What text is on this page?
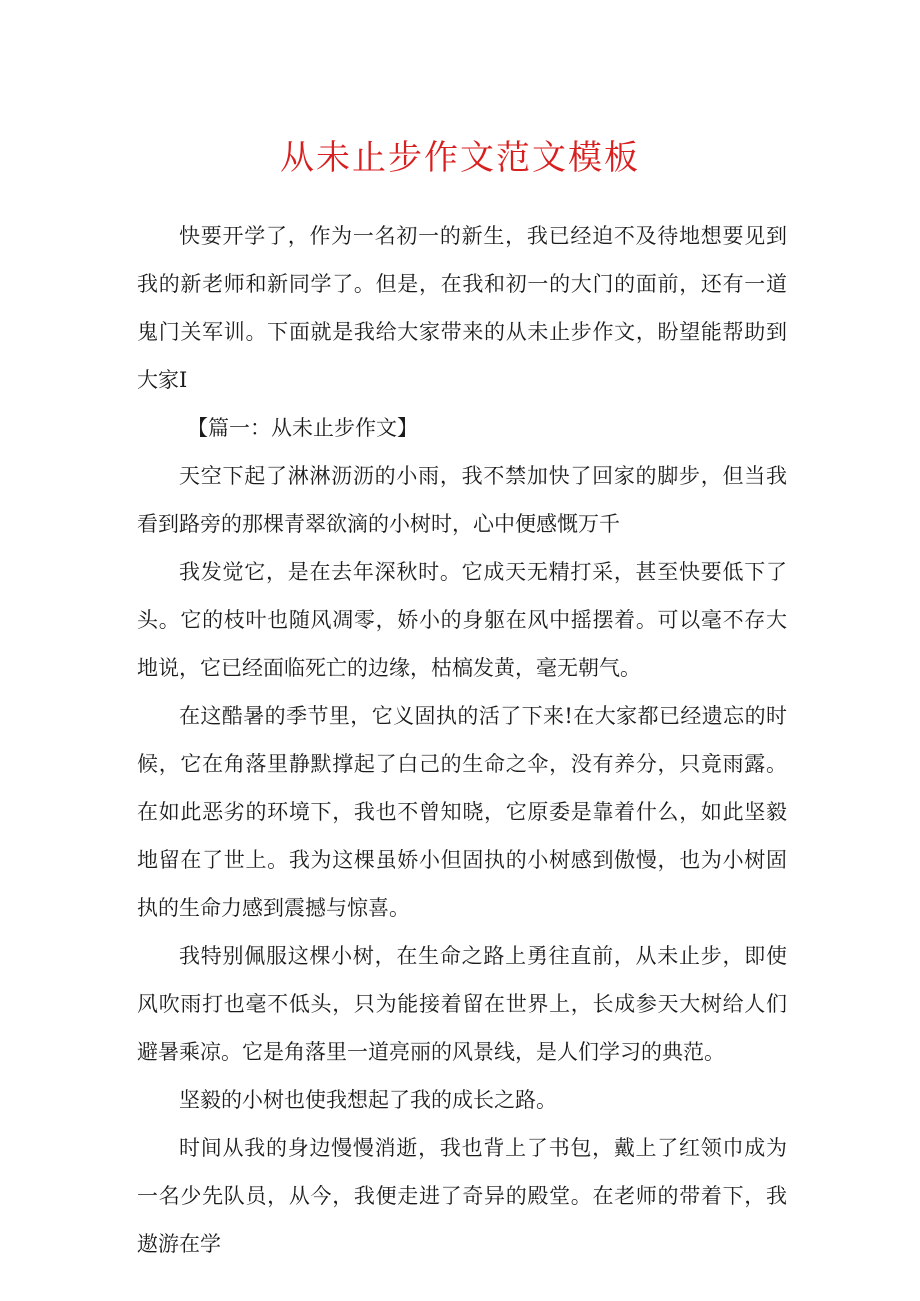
从未止步作文范文模板

快要开学了，作为一名初一的新生，我已经迫不及待地想要见到我的新老师和新同学了。但是，在我和初一的大门的面前，还有一道鬼门关军训。下面就是我给大家带来的从未止步作文，盼望能帮助到大家I

【篇一：从未止步作文】

天空下起了淋淋沥沥的小雨，我不禁加快了回家的脚步，但当我看到路旁的那棵青翠欲滴的小树时，心中便感慨万千

我发觉它，是在去年深秋时。它成天无精打采，甚至快要低下了头。它的枝叶也随风凋零，娇小的身躯在风中摇摆着。可以毫不存大地说，它已经面临死亡的边缘，枯槁发黄，毫无朝气。

在这酷暑的季节里，它义固执的活了下来!在大家都已经遗忘的时候，它在角落里静默撑起了白己的生命之伞，没有养分，只竟雨露。在如此恶劣的环境下，我也不曾知晓，它原委是靠着什么，如此坚毅地留在了世上。我为这棵虽娇小但固执的小树感到傲慢，也为小树固执的生命力感到震撼与惊喜。

我特别佩服这棵小树，在生命之路上勇往直前，从未止步，即使风吹雨打也毫不低头，只为能接着留在世界上，长成参天大树给人们避暑乘凉。它是角落里一道亮丽的风景线，是人们学习的典范。

坚毅的小树也使我想起了我的成长之路。

时间从我的身边慢慢消逝，我也背上了书包，戴上了红领巾成为一名少先队员，从今，我便走进了奇异的殿堂。在老师的带着下，我遨游在学
